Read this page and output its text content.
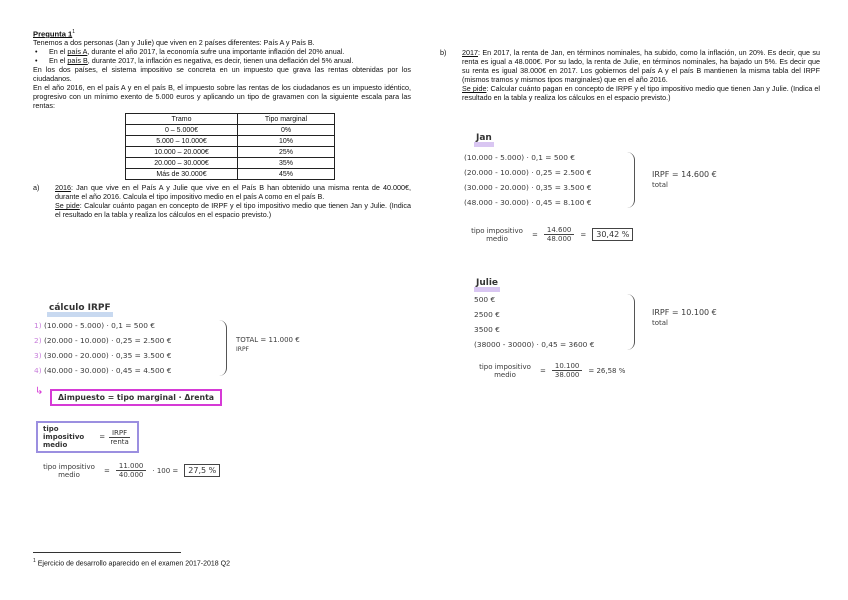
Pregunta $1^1$

Tenemos a dos personas (Jan y Julie) que viven en 2 países diferentes: País A y País B.

• En el país A, durante el año 2017, la economía sufre una importante inflación del 20% anual.
• En el país B, durante 2017, la inflación es negativa, es decir, tienen una deflación del 5% anual.

En los dos países, el sistema impositivo se concreta en un impuesto que grava las rentas obtenidas por los ciudadanos.

En el año 2016, en el país A y en el país B, el impuesto sobre las rentas de los ciudadanos es un impuesto idéntico, progresivo con un mínimo exento de 5.000 euros y aplicando un tipo de gravamen con la siguiente escala para las rentas:

Tramo	Tipo marginal
0 – 5.000€	0%
5.000 – 10.000€	10%
10.000 – 20.000€	25%
20.000 – 30.000€	35%
Más de 30.000€	45%
a)	2016: Jan que vive en el País A y Julie que vive en el País B han obtenido una misma renta de 40.000€, durante el año 2016. Calcula el tipo impositivo medio en el país A como en el país B.

Se pide: Calcular cuánto pagan en concepto de IRPF y el tipo impositivo medio que tienen Jan y Julie. (Indica el resultado en la tabla y realiza los cálculos en el espacio previsto.)

cálculo IRPF
1) (10.000 - 5.000) · 0,1 = 500 €
2) (20.000 - 10.000) · 0,25 = 2.500 €
3) (30.000 - 20.000) · 0,35 = 3.500 €
4) (40.000 - 30.000) · 0,45 = 4.500 €
TOTAL = 11.000 €
IRPF
↳
Δimpuesto = tipo marginal · Δrenta
tipo impositivo medio = $\frac{\text{IRPF}}{\text{renta}}$
tipo impositivo medio	= $\frac{11.000}{40.000} \cdot 100$ =	27,5 %
b)	2017: En 2017, la renta de Jan, en términos nominales, ha subido, como la inflación, un 20%. Es decir, que su renta es igual a 48.000€. Por su lado, la renta de Julie, en términos nominales, ha bajado un 5%. Es decir que su renta es igual 38.000€ en 2017. Los gobiernos del país A y el país B mantienen la misma tabla del IRPF (mismos tramos y mismos tipos marginales) que en el año 2016.

Se pide: Calcular cuánto pagan en concepto de IRPF y el tipo impositivo medio que tienen Jan y Julie. (Indica el resultado en la tabla y realiza los cálculos en el espacio previsto.)

Jan
(10.000 - 5.000) · 0,1 = 500 €
(20.000 - 10.000) · 0,25 = 2.500 €
(30.000 - 20.000) · 0,35 = 3.500 €
(48.000 - 30.000) · 0,45 = 8.100 €
IRPF = 14.600 €
total
tipo impositivo medio	= $\frac{14.600}{48.000}$ =	30,42 %
Julie
500 €
2500 €
3500 €
(38000 - 30000) · 0,45 = 3600 €
IRPF = 10.100 €
total
tipo impositivo medio	= $\frac{10.100}{38.000} = 26,58$ %
$^1$ Ejercicio de desarrollo aparecido en el examen 2017-2018 Q2
